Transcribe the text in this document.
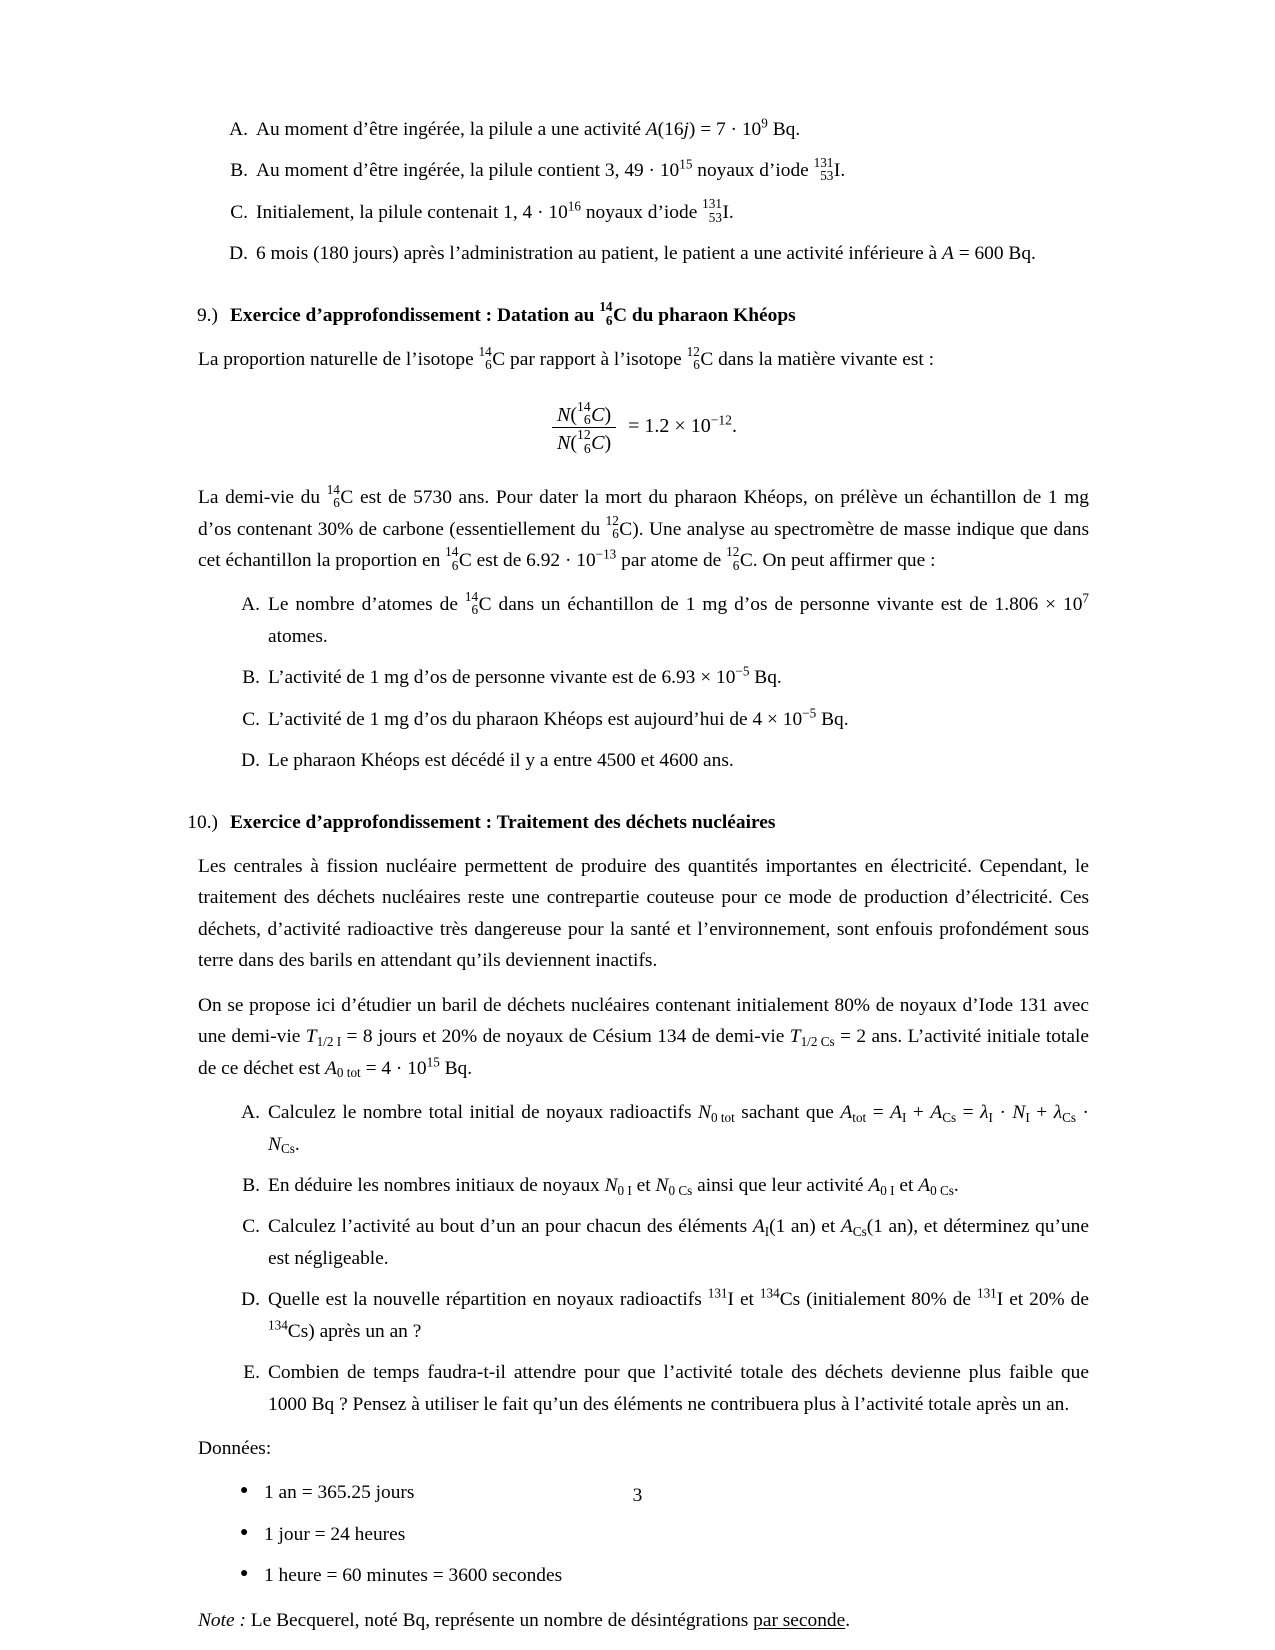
A. Au moment d’être ingérée, la pilule a une activité $A(16j) = 7 \cdot 10^9$ Bq.
B. Au moment d’être ingérée, la pilule contient 3, $49 \cdot 10^{15}$ noyaux d’iode 131
53 I.
C. Initialement, la pilule contenait 1, $4 \cdot 10^{16}$ noyaux d’iode 131
53 I.
D. 6 mois (180 jours) après l’administration au patient, le patient a une activité inférieure à A = 600 Bq.
9.) Exercice d’approfondissement : Datation au 14
6 C du pharaon Khéops

La proportion naturelle de l’isotope 14
6 C par rapport à l’isotope 12
6 C dans la matière vivante est :

N( 14
6 C)
N( 12
6 $C) = 1.2 \times 10^{-12}$.

La demi-vie du 14
6 C est de 5730 ans. Pour dater la mort du pharaon Khéops, on prélève un échantillon de 1 mg d’os contenant 30% de carbone (essentiellement du 12
6 C). Une analyse au spectromètre de masse indique que dans cet échantillon la proportion en 14
6 C est de $6.92 \cdot 10^{-13}$ par atome de 12
6 C. On peut affirmer que :

A. Le nombre d’atomes de 14
6 C dans un échantillon de 1 mg d’os de personne vivante est de $1.806 \times 10^7$ atomes.
B. L’activité de 1 mg d’os de personne vivante est de $6.93 \times 10^{-5}$ Bq.
C. L’activité de 1 mg d’os du pharaon Khéops est aujourd’hui de $4 \times 10^{-5}$ Bq.
D. Le pharaon Khéops est décédé il y a entre 4500 et 4600 ans.
10.) Exercice d’approfondissement : Traitement des déchets nucléaires

Les centrales à fission nucléaire permettent de produire des quantités importantes en électricité. Cependant, le traitement des déchets nucléaires reste une contrepartie couteuse pour ce mode de production d’électricité. Ces déchets, d’activité radioactive très dangereuse pour la santé et l’environnement, sont enfouis profondément sous terre dans des barils en attendant qu’ils deviennent inactifs.

On se propose ici d’étudier un baril de déchets nucléaires contenant initialement 80% de noyaux d’Iode 131 avec une demi-vie T1/2 I = 8 jours et 20% de noyaux de Césium 134 de demi-vie T1/2 Cs = 2 ans. L’activité initiale totale de ce déchet est A0 tot = $4 \cdot 10^{15}$ Bq.

A. Calculez le nombre total initial de noyaux radioactifs N0 tot sachant que Atot = AI + ACs = λI · NI + λCs · NCs.
B. En déduire les nombres initiaux de noyaux N0 I et N0 Cs ainsi que leur activité A0 I et A0 Cs.
C. Calculez l’activité au bout d’un an pour chacun des éléments AI(1 an) et ACs(1 an), et déterminez qu’une est négligeable.
D. Quelle est la nouvelle répartition en noyaux radioactifs $^{131}$I et $^{134}$Cs (initialement 80% de $^{131}$I et 20% de $^{134}$Cs) après un an ?
E. Combien de temps faudra-t-il attendre pour que l’activité totale des déchets devienne plus faible que 1000 Bq ? Pensez à utiliser le fait qu’un des éléments ne contribuera plus à l’activité totale après un an.

Données:

● 1 an = 365.25 jours
● 1 jour = 24 heures
● 1 heure = 60 minutes = 3600 secondes

Note : Le Becquerel, noté Bq, représente un nombre de désintégrations par seconde.

3
